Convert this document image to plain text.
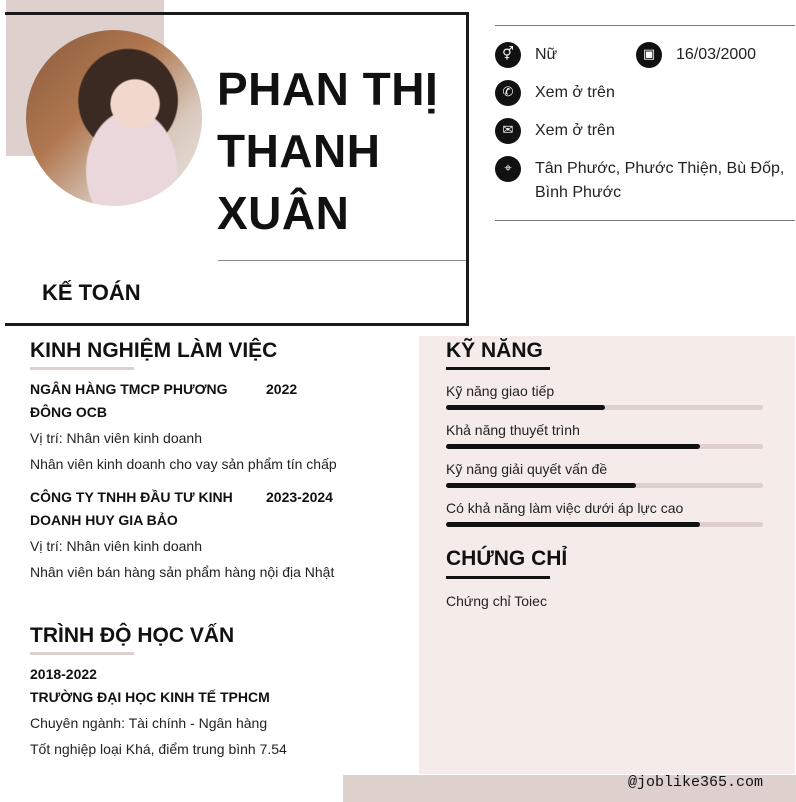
PHAN THỊ
THANH
XUÂN
KẾ TOÁN
⚥	Nữ	▣	16/03/2000
✆	Xem ở trên
✉	Xem ở trên
⌖	Tân Phước, Phước Thiện, Bù Đốp,
Bình Phước
KINH NGHIỆM LÀM VIỆC
NGÂN HÀNG TMCP PHƯƠNG
ĐÔNG OCB
2022
Vị trí: Nhân viên kinh doanh
Nhân viên kinh doanh cho vay sản phẩm tín chấp
CÔNG TY TNHH ĐẦU TƯ KINH
DOANH HUY GIA BẢO
2023-2024
Vị trí: Nhân viên kinh doanh
Nhân viên bán hàng sản phẩm hàng nội địa Nhật
TRÌNH ĐỘ HỌC VẤN
2018-2022
TRƯỜNG ĐẠI HỌC KINH TẾ TPHCM
Chuyên ngành: Tài chính - Ngân hàng
Tốt nghiệp loại Khá, điểm trung bình 7.54
KỸ NĂNG
Kỹ năng giao tiếp
Khả năng thuyết trình
Kỹ năng giải quyết vấn đề
Có khả năng làm việc dưới áp lực cao
CHỨNG CHỈ
Chứng chỉ Toiec
@joblike365.com
